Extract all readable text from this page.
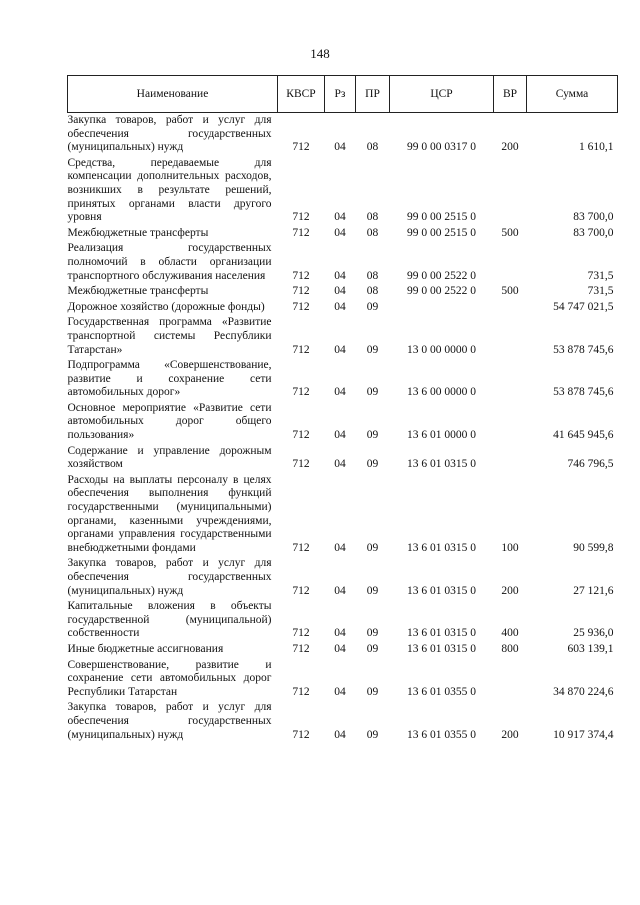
148
Наименование	КВСР	Рз	ПР	ЦСР	ВР	Сумма
Закупка товаров, работ и услуг для обеспечения государственных (муниципальных) нужд	712	04	08	99 0 00 0317 0	200	1 610,1
Средства, передаваемые для компенсации дополнительных расходов, возникших в результате решений, принятых органами власти другого уровня	712	04	08	99 0 00 2515 0		83 700,0
Межбюджетные трансферты	712	04	08	99 0 00 2515 0	500	83 700,0
Реализация государственных полномочий в области организации транспортного обслуживания населения	712	04	08	99 0 00 2522 0		731,5
Межбюджетные трансферты	712	04	08	99 0 00 2522 0	500	731,5
Дорожное хозяйство (дорожные фонды)	712	04	09			54 747 021,5
Государственная программа «Развитие транспортной системы Республики Татарстан»	712	04	09	13 0 00 0000 0		53 878 745,6
Подпрограмма «Совершенствование, развитие и сохранение сети автомобильных дорог»	712	04	09	13 6 00 0000 0		53 878 745,6
Основное мероприятие «Развитие сети автомобильных дорог общего пользования»	712	04	09	13 6 01 0000 0		41 645 945,6
Содержание и управление дорожным хозяйством	712	04	09	13 6 01 0315 0		746 796,5
Расходы на выплаты персоналу в целях обеспечения выполнения функций государственными (муниципальными) органами, казенными учреждениями, органами управления государственными внебюджетными фондами	712	04	09	13 6 01 0315 0	100	90 599,8
Закупка товаров, работ и услуг для обеспечения государственных (муниципальных) нужд	712	04	09	13 6 01 0315 0	200	27 121,6
Капитальные вложения в объекты государственной (муниципальной) собственности	712	04	09	13 6 01 0315 0	400	25 936,0
Иные бюджетные ассигнования	712	04	09	13 6 01 0315 0	800	603 139,1
Совершенствование, развитие и сохранение сети автомобильных дорог Республики Татарстан	712	04	09	13 6 01 0355 0		34 870 224,6
Закупка товаров, работ и услуг для обеспечения государственных (муниципальных) нужд	712	04	09	13 6 01 0355 0	200	10 917 374,4
